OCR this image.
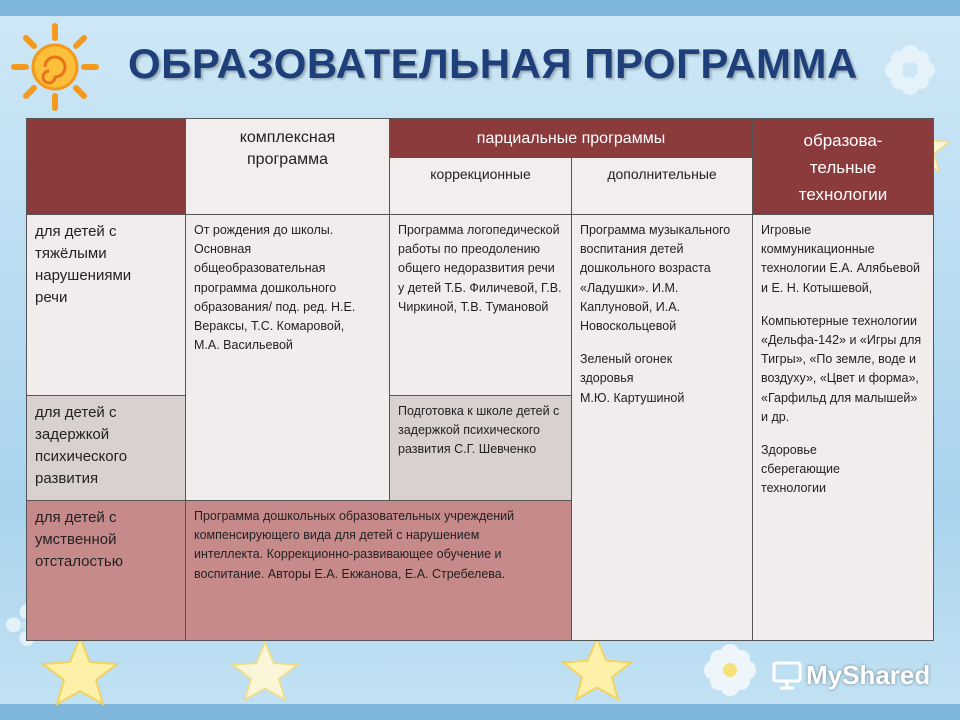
ОБРАЗОВАТЕЛЬНАЯ ПРОГРАММА
комплексная программа
парциальные программы
коррекционные	дополнительные
образова-тельные технологии
для детей с тяжёлыми нарушениями речи
для детей с задержкой психического развития
для детей с умственной отсталостью
От рождения до школы. Основная общеобразовательная программа дошкольного образования/ под. ред. Н.Е. Вераксы, Т.С. Комаровой, М.А. Васильевой
Программа логопедической работы по преодолению общего недоразвития речи у детей Т.Б. Филичевой, Г.В. Чиркиной, Т.В. Тумановой
Подготовка к школе детей с задержкой психического развития С.Г. Шевченко

Программа музыкального воспитания детей дошкольного возраста «Ладушки». И.М. Каплуновой, И.А. Новоскольцевой

Зеленый огонек здоровья
М.Ю. Картушиной

Игровые коммуникационные технологии Е.А. Алябьевой и Е. Н. Котышевой,

Компьютерные технологии «Дельфа-142» и «Игры для Тигры», «По земле, воде и воздуху», «Цвет и форма», «Гарфильд для малышей» и др.

Здоровье сберегающие технологии

Программа дошкольных образовательных учреждений компенсирующего вида для детей с нарушением интеллекта. Коррекционно-развивающее обучение и воспитание. Авторы Е.А. Екжанова, Е.А. Стребелева.
MyShared
